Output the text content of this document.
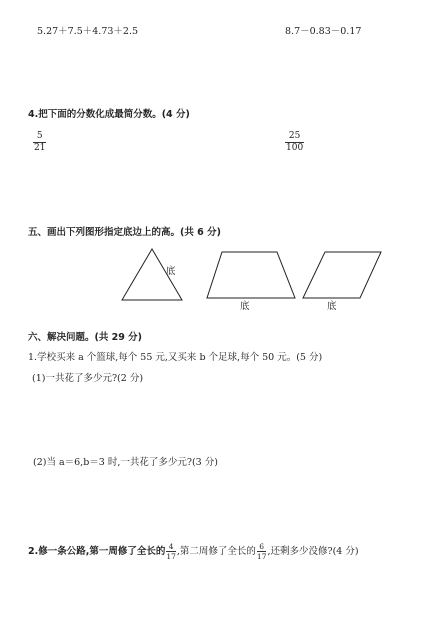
5.27＋7.5＋4.73＋2.5	8.7－0.83－0.17
4.把下面的分数化成最简分数。(4 分)
$\frac{5}{21}$	$\frac{25}{100}$
五、画出下列图形指定底边上的高。(共 6 分)
底
底	底
六、解决问题。(共 29 分)
1.学校买来 a 个篮球,每个 55 元,又买来 b 个足球,每个 50 元。(5 分)
(1)一共花了多少元?(2 分)
(2)当 a＝6,b＝3 时,一共花了多少元?(3 分)
2.修一条公路,第一周修了全长的 $\frac{4}{17}$ ,第二周修了全长的 $\frac{6}{17}$ ,还剩多少没修?(4 分)
